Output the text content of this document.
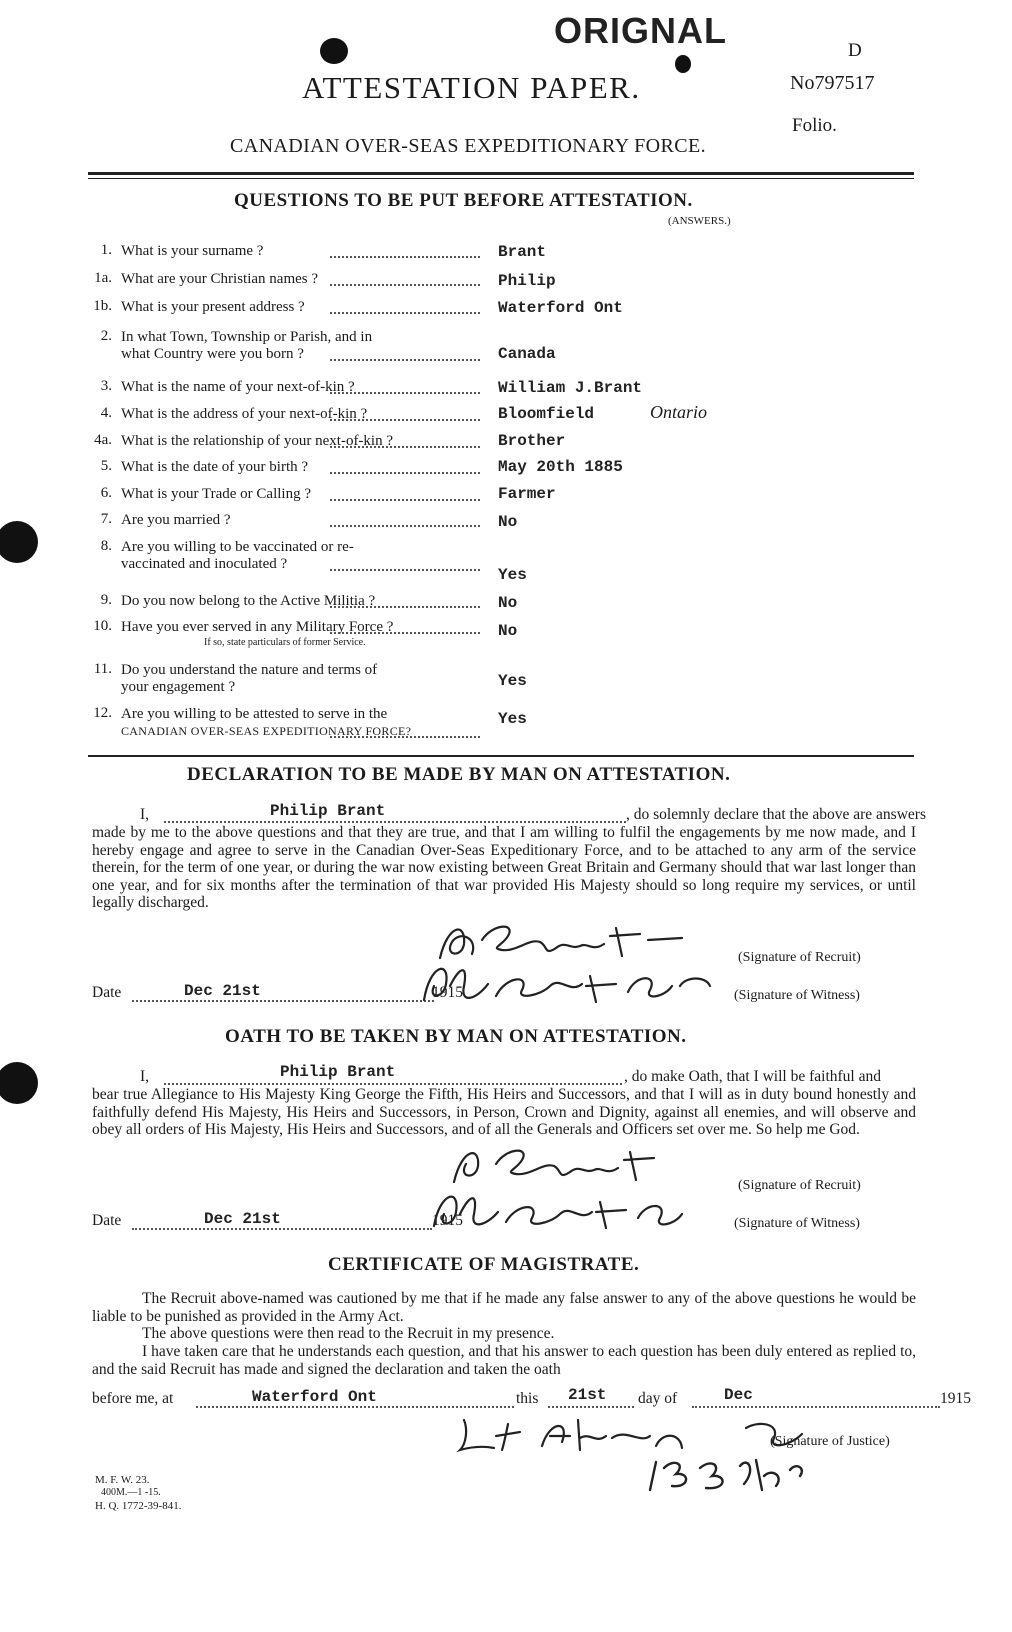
ORIGNAL	D
No797517
Folio.
ATTESTATION PAPER.
CANADIAN OVER-SEAS EXPEDITIONARY FORCE.
QUESTIONS TO BE PUT BEFORE ATTESTATION.
(ANSWERS.)
1. What is your surname ?	Brant
1a. What are your Christian names ?	Philip
1b. What is your present address ?	Waterford Ont
2. In what Town, Township or Parish, and in
what Country were you born ?	Canada
3. What is the name of your next-of-kin ?	William J.Brant
4. What is the address of your next-of-kin ?	Bloomfield	Ontario
4a. What is the relationship of your next-of-kin ?	Brother
5. What is the date of your birth ?	May 20th 1885
6. What is your Trade or Calling ?	Farmer
7. Are you married ?	No
8. Are you willing to be vaccinated or re-
vaccinated and inoculated ?
Yes
9. Do you now belong to the Active Militia ?	No
10. Have you ever served in any Military Force ?
If so, state particulars of former Service.
No
11. Do you understand the nature and terms of
your engagement ?	Yes
12. Are you willing to be attested to serve in the
CANADIAN OVER-SEAS EXPEDITIONARY FORCE?
Yes
DECLARATION TO BE MADE BY MAN ON ATTESTATION.
I,	Philip Brant	, do solemnly declare that the above are answers
made by me to the above questions and that they are true, and that I am willing to fulfil the engagements by me now made, and I hereby engage and agree to serve in the Canadian Over-Seas Expeditionary Force, and to be attached to any arm of the service therein, for the term of one year, or during the war now existing between Great Britain and Germany should that war last longer than one year, and for six months after the termination of that war provided His Majesty should so long require my services, or until legally discharged.
(Signature of Recruit)
Date	Dec 21st	1915	(Signature of Witness)
OATH TO BE TAKEN BY MAN ON ATTESTATION.
I,	Philip Brant	, do make Oath, that I will be faithful and
bear true Allegiance to His Majesty King George the Fifth, His Heirs and Successors, and that I will as in duty bound honestly and faithfully defend His Majesty, His Heirs and Successors, in Person, Crown and Dignity, against all enemies, and will observe and obey all orders of His Majesty, His Heirs and Successors, and of all the Generals and Officers set over me. So help me God.
(Signature of Recruit)
Date	Dec 21st	1915	(Signature of Witness)
CERTIFICATE OF MAGISTRATE.
The Recruit above-named was cautioned by me that if he made any false answer to any of the above questions he would be liable to be punished as provided in the Army Act.
The above questions were then read to the Recruit in my presence.
I have taken care that he understands each question, and that his answer to each question has been duly entered as replied to, and the said Recruit has made and signed the declaration and taken the oath
before me, at	Waterford Ont	this 21st day of	Dec	1915
(Signature of Justice)
M. F. W. 23.
400M.—1 -15.
H. Q. 1772-39-841.
